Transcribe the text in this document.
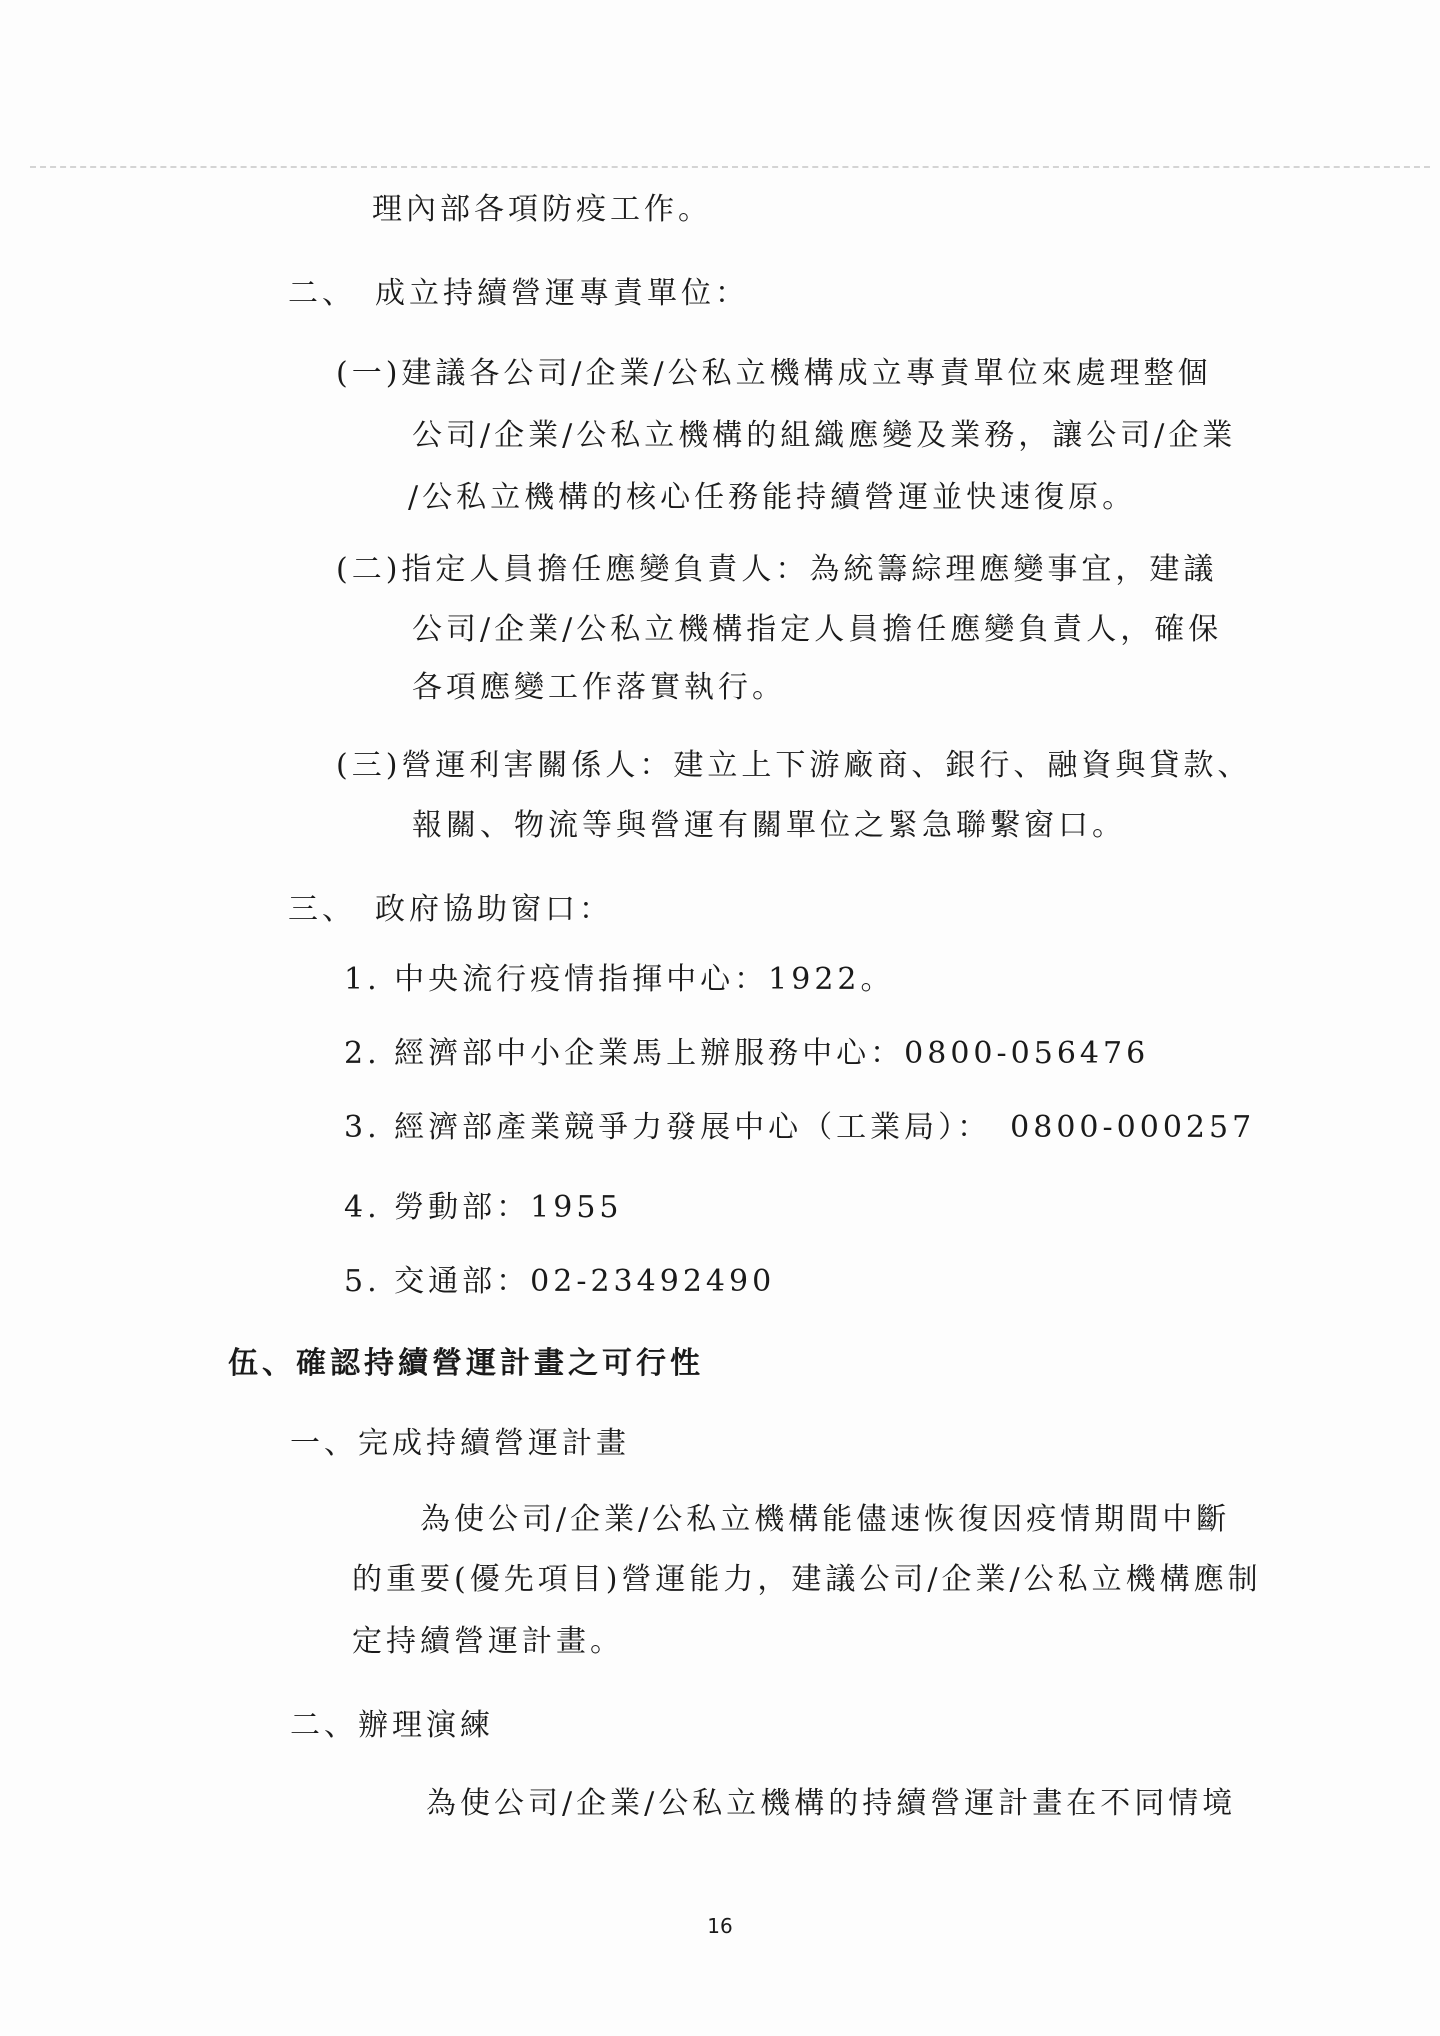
理內部各項防疫工作。
二、　成立持續營運專責單位：
(一)建議各公司/企業/公私立機構成立專責單位來處理整個
公司/企業/公私立機構的組織應變及業務，讓公司/企業
/公私立機構的核心任務能持續營運並快速復原。
(二)指定人員擔任應變負責人：為統籌綜理應變事宜，建議
公司/企業/公私立機構指定人員擔任應變負責人，確保
各項應變工作落實執行。
(三)營運利害關係人：建立上下游廠商、銀行、融資與貸款、
報關、物流等與營運有關單位之緊急聯繫窗口。
三、　政府協助窗口：
1. 中央流行疫情指揮中心：1922。
2. 經濟部中小企業馬上辦服務中心：0800-056476
3. 經濟部產業競爭力發展中心（工業局）：　0800-000257
4. 勞動部：1955
5. 交通部：02-23492490
伍、確認持續營運計畫之可行性
一、完成持續營運計畫
為使公司/企業/公私立機構能儘速恢復因疫情期間中斷
的重要(優先項目)營運能力，建議公司/企業/公私立機構應制
定持續營運計畫。
二、辦理演練
為使公司/企業/公私立機構的持續營運計畫在不同情境
16
